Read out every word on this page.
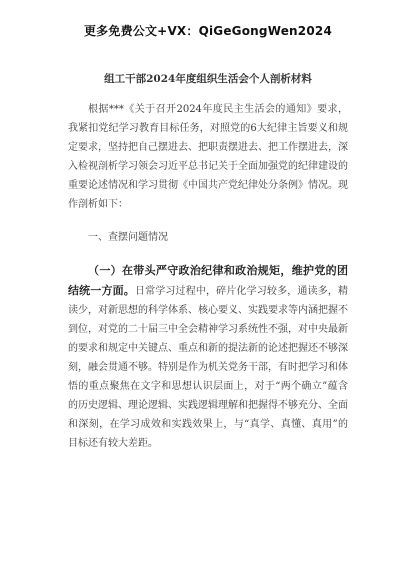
更多免费公文+VX：QiGeGongWen2024
组工干部2024年度组织生活会个人剖析材料

根据***《关于召开2024年度民主生活会的通知》要求，我紧扣党纪学习教育目标任务，对照党的6大纪律主旨要义和规定要求，坚持把自己摆进去、把职责摆进去、把工作摆进去，深入检视剖析学习领会习近平总书记关于全面加强党的纪律建设的重要论述情况和学习贯彻《中国共产党纪律处分条例》情况。现作剖析如下：

一、查摆问题情况

（一）在带头严守政治纪律和政治规矩，维护党的团结统一方面。日常学习过程中，碎片化学习较多，通读多，精读少，对新思想的科学体系、核心要义、实践要求等内涵把握不到位，对党的二十届三中全会精神学习系统性不强，对中央最新的要求和规定中关键点、重点和新的提法新的论述把握还不够深刻，融会贯通不够。特别是作为机关党务干部，有时把学习和体悟的重点聚焦在文字和思想认识层面上，对于“两个确立”蕴含的历史逻辑、理论逻辑、实践逻辑理解和把握得不够充分、全面和深刻，在学习成效和实践效果上，与“真学、真懂、真用”的目标还有较大差距。
